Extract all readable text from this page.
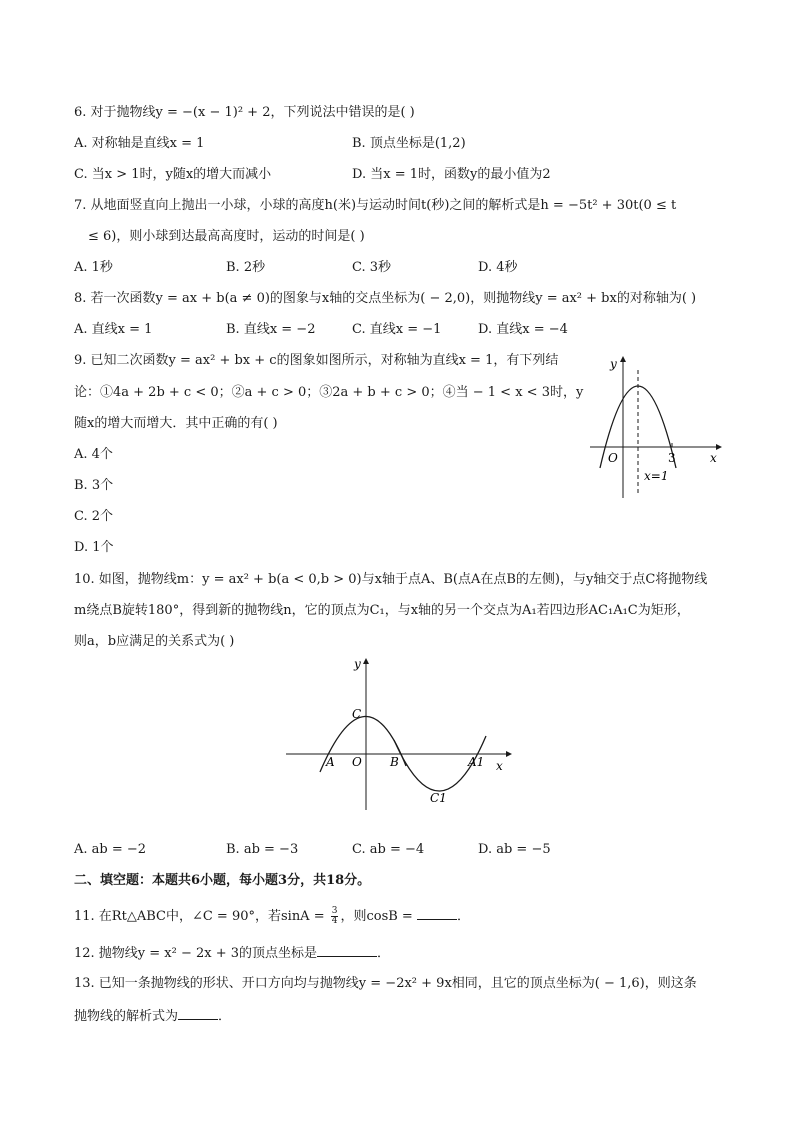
6. 对于抛物线y = −(x − 1)² + 2，下列说法中错误的是( )
A. 对称轴是直线x = 1	B. 顶点坐标是(1,2)
C. 当x > 1时，y随x的增大而减小	D. 当x = 1时，函数y的最小值为2
7. 从地面竖直向上抛出一小球，小球的高度h(米)与运动时间t(秒)之间的解析式是h = −5t² + 30t(0 ≤ t
≤ 6)，则小球到达最高高度时，运动的时间是( )
A. 1秒	B. 2秒	C. 3秒	D. 4秒
8. 若一次函数y = ax + b(a ≠ 0)的图象与x轴的交点坐标为( − 2,0)，则抛物线y = ax² + bx的对称轴为( )
A. 直线x = 1	B. 直线x = −2	C. 直线x = −1	D. 直线x = −4
9. 已知二次函数y = ax² + bx + c的图象如图所示，对称轴为直线x = 1，有下列结
论：①4a + 2b + c < 0；②a + c > 0；③2a + b + c > 0；④当 − 1 < x < 3时，y
随x的增大而增大．其中正确的有( )
A. 4个
B. 3个
C. 2个
D. 1个
y
x
O	3
x=1
10. 如图，抛物线m：y = ax² + b(a < 0,b > 0)与x轴于点A、B(点A在点B的左侧)，与y轴交于点C将抛物线
m绕点B旋转180°，得到新的抛物线n，它的顶点为C₁，与x轴的另一个交点为A₁若四边形AC₁A₁C为矩形，
则a，b应满足的关系式为( )
y
x
C
A O B	A1
C1
A. ab = −2	B. ab = −3	C. ab = −4	D. ab = −5
二、填空题：本题共6小题，每小题3分，共18分。
11. 在Rt△ABC中，∠C = 90°，若$\sin A = \frac{3}{4}$ ，则cosB =	．
12. 抛物线y = x² − 2x + 3的顶点坐标是	．
13. 已知一条抛物线的形状、开口方向均与抛物线y = −2x² + 9x相同，且它的顶点坐标为( − 1,6)，则这条
抛物线的解析式为	．
